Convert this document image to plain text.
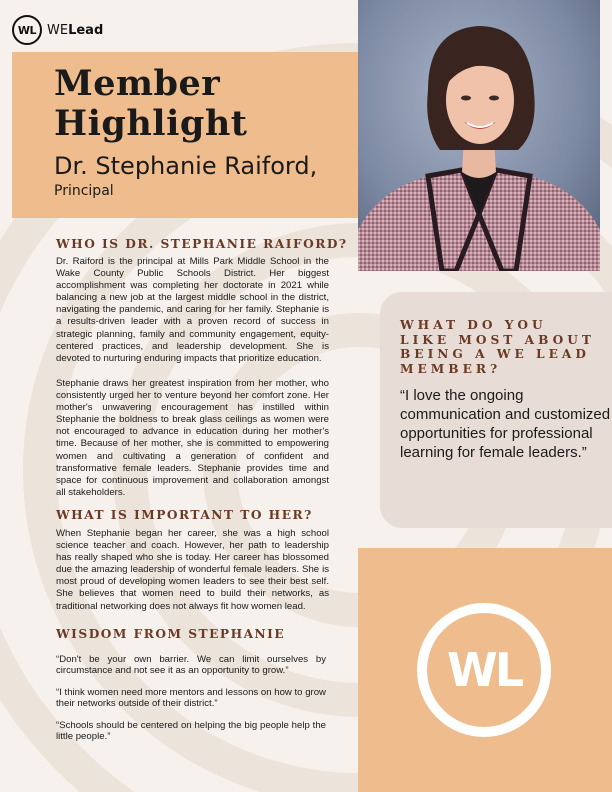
WL WELead
Member
Highlight
Dr. Stephanie Raiford,
Principal
WHO IS DR. STEPHANIE RAIFORD?
Dr. Raiford is the principal at Mills Park Middle School in the Wake County Public Schools District. Her biggest accomplishment was completing her doctorate in 2021 while balancing a new job at the largest middle school in the district, navigating the pandemic, and caring for her family. Stephanie is a results-driven leader with a proven record of success in strategic planning, family and community engagement, equity-centered practices, and leadership development. She is devoted to nurturing enduring impacts that prioritize education.
Stephanie draws her greatest inspiration from her mother, who consistently urged her to venture beyond her comfort zone. Her mother's unwavering encouragement has instilled within Stephanie the boldness to break glass ceilings as women were not encouraged to advance in education during her mother's time. Because of her mother, she is committed to empowering women and cultivating a generation of confident and transformative female leaders. Stephanie provides time and space for continuous improvement and collaboration amongst all stakeholders.
WHAT IS IMPORTANT TO HER?
When Stephanie began her career, she was a high school science teacher and coach. However, her path to leadership has really shaped who she is today. Her career has blossomed due the amazing leadership of wonderful female leaders. She is most proud of developing women leaders to see their best self. She believes that women need to build their networks, as traditional networking does not always fit how women lead.
WISDOM FROM STEPHANIE
“Don't be your own barrier. We can limit ourselves by circumstance and not see it as an opportunity to grow.”
“I think women need more mentors and lessons on how to grow their networks outside of their district.”
“Schools should be centered on helping the big people help the little people.”
WHAT DO YOU LIKE MOST ABOUT BEING A WE LEAD MEMBER?
“I love the ongoing communication and customized opportunities for professional learning for female leaders.”
WL
